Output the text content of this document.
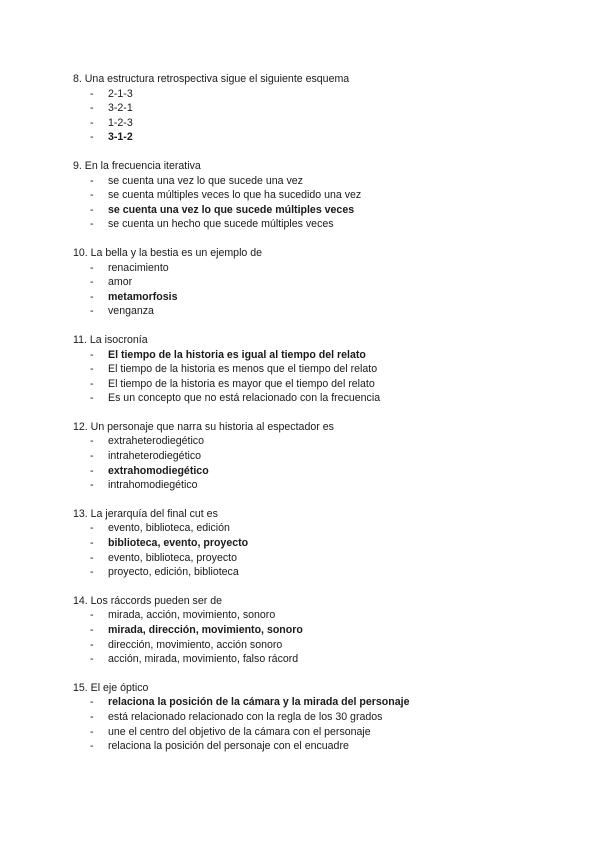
8. Una estructura retrospectiva sigue el siguiente esquema
- 2-1-3
- 3-2-1
- 1-2-3
- 3-1-2
9. En la frecuencia iterativa
- se cuenta una vez lo que sucede una vez
- se cuenta múltiples veces lo que ha sucedido una vez
- se cuenta una vez lo que sucede múltiples veces
- se cuenta un hecho que sucede múltiples veces
10. La bella y la bestia es un ejemplo de
- renacimiento
- amor
- metamorfosis
- venganza
11. La isocronía
- El tiempo de la historia es igual al tiempo del relato
- El tiempo de la historia es menos que el tiempo del relato
- El tiempo de la historia es mayor que el tiempo del relato
- Es un concepto que no está relacionado con la frecuencia
12. Un personaje que narra su historia al espectador es
- extraheterodiegético
- intraheterodiegético
- extrahomodiegético
- intrahomodiegético
13. La jerarquía del final cut es
- evento, biblioteca, edición
- biblioteca, evento, proyecto
- evento, biblioteca, proyecto
- proyecto, edición, biblioteca
14. Los ráccords pueden ser de
- mirada, acción, movimiento, sonoro
- mirada, dirección, movimiento, sonoro
- dirección, movimiento, acción sonoro
- acción, mirada, movimiento, falso rácord
15. El eje óptico
- relaciona la posición de la cámara y la mirada del personaje
- está relacionado relacionado con la regla de los 30 grados
- une el centro del objetivo de la cámara con el personaje
- relaciona la posición del personaje con el encuadre
